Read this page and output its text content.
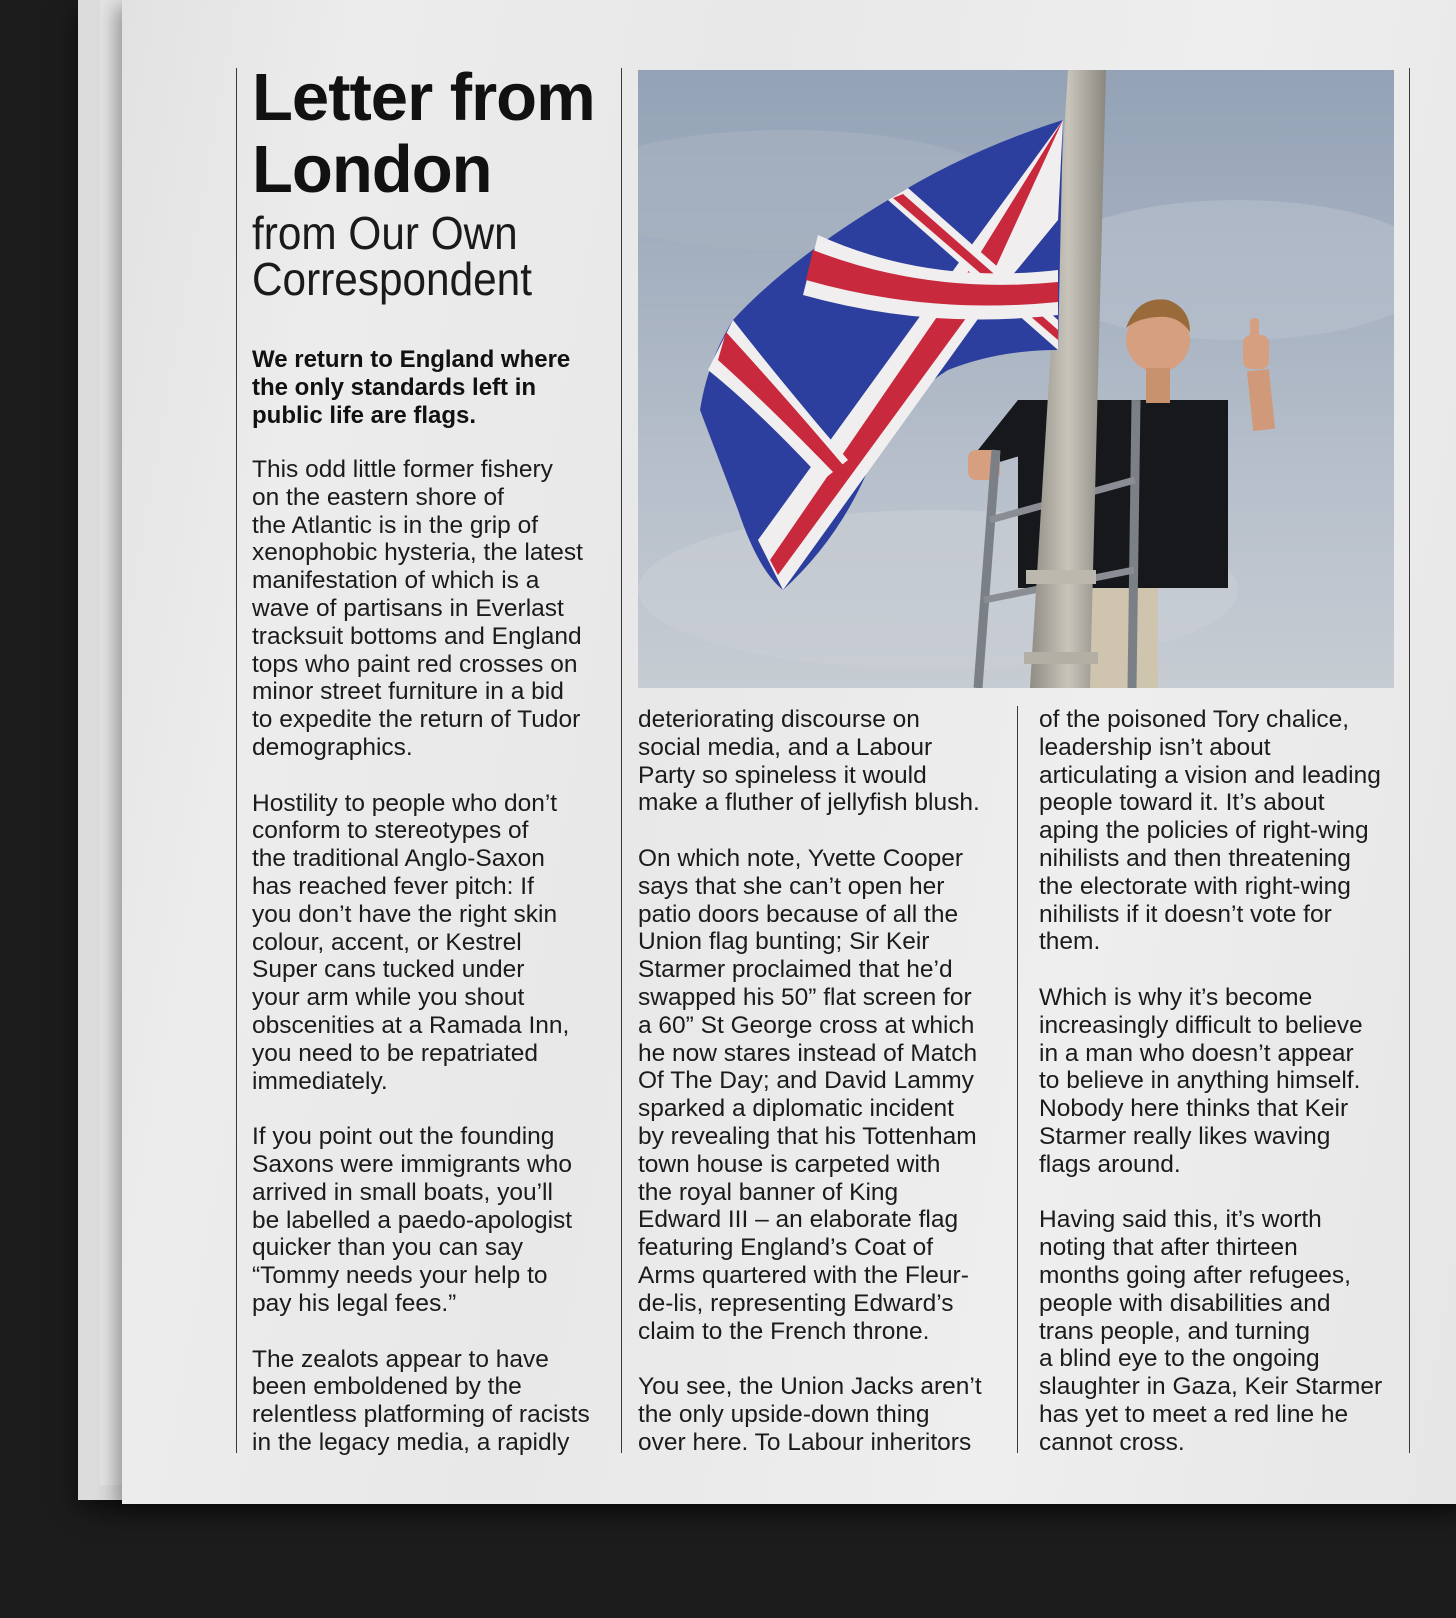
Letter from London
from Our Own Correspondent
We return to England where the only standards left in public life are flags.

This odd little former fishery
on the eastern shore of
the Atlantic is in the grip of
xenophobic hysteria, the latest
manifestation of which is a
wave of partisans in Everlast
tracksuit bottoms and England
tops who paint red crosses on
minor street furniture in a bid
to expedite the return of Tudor
demographics.

Hostility to people who don’t
conform to stereotypes of
the traditional Anglo-Saxon
has reached fever pitch: If
you don’t have the right skin
colour, accent, or Kestrel
Super cans tucked under
your arm while you shout
obscenities at a Ramada Inn,
you need to be repatriated
immediately.

If you point out the founding
Saxons were immigrants who
arrived in small boats, you’ll
be labelled a paedo-apologist
quicker than you can say
“Tommy needs your help to
pay his legal fees.”

The zealots appear to have
been emboldened by the
relentless platforming of racists
in the legacy media, a rapidly

deteriorating discourse on
social media, and a Labour
Party so spineless it would
make a fluther of jellyfish blush.

On which note, Yvette Cooper
says that she can’t open her
patio doors because of all the
Union flag bunting; Sir Keir
Starmer proclaimed that he’d
swapped his 50” flat screen for
a 60” St George cross at which
he now stares instead of Match
Of The Day; and David Lammy
sparked a diplomatic incident
by revealing that his Tottenham
town house is carpeted with
the royal banner of King
Edward III – an elaborate flag
featuring England’s Coat of
Arms quartered with the Fleur-
de-lis, representing Edward’s
claim to the French throne.

You see, the Union Jacks aren’t
the only upside-down thing
over here. To Labour inheritors

of the poisoned Tory chalice,
leadership isn’t about
articulating a vision and leading
people toward it. It’s about
aping the policies of right-wing
nihilists and then threatening
the electorate with right-wing
nihilists if it doesn’t vote for
them.

Which is why it’s become
increasingly difficult to believe
in a man who doesn’t appear
to believe in anything himself.
Nobody here thinks that Keir
Starmer really likes waving
flags around.

Having said this, it’s worth
noting that after thirteen
months going after refugees,
people with disabilities and
trans people, and turning
a blind eye to the ongoing
slaughter in Gaza, Keir Starmer
has yet to meet a red line he
cannot cross.
